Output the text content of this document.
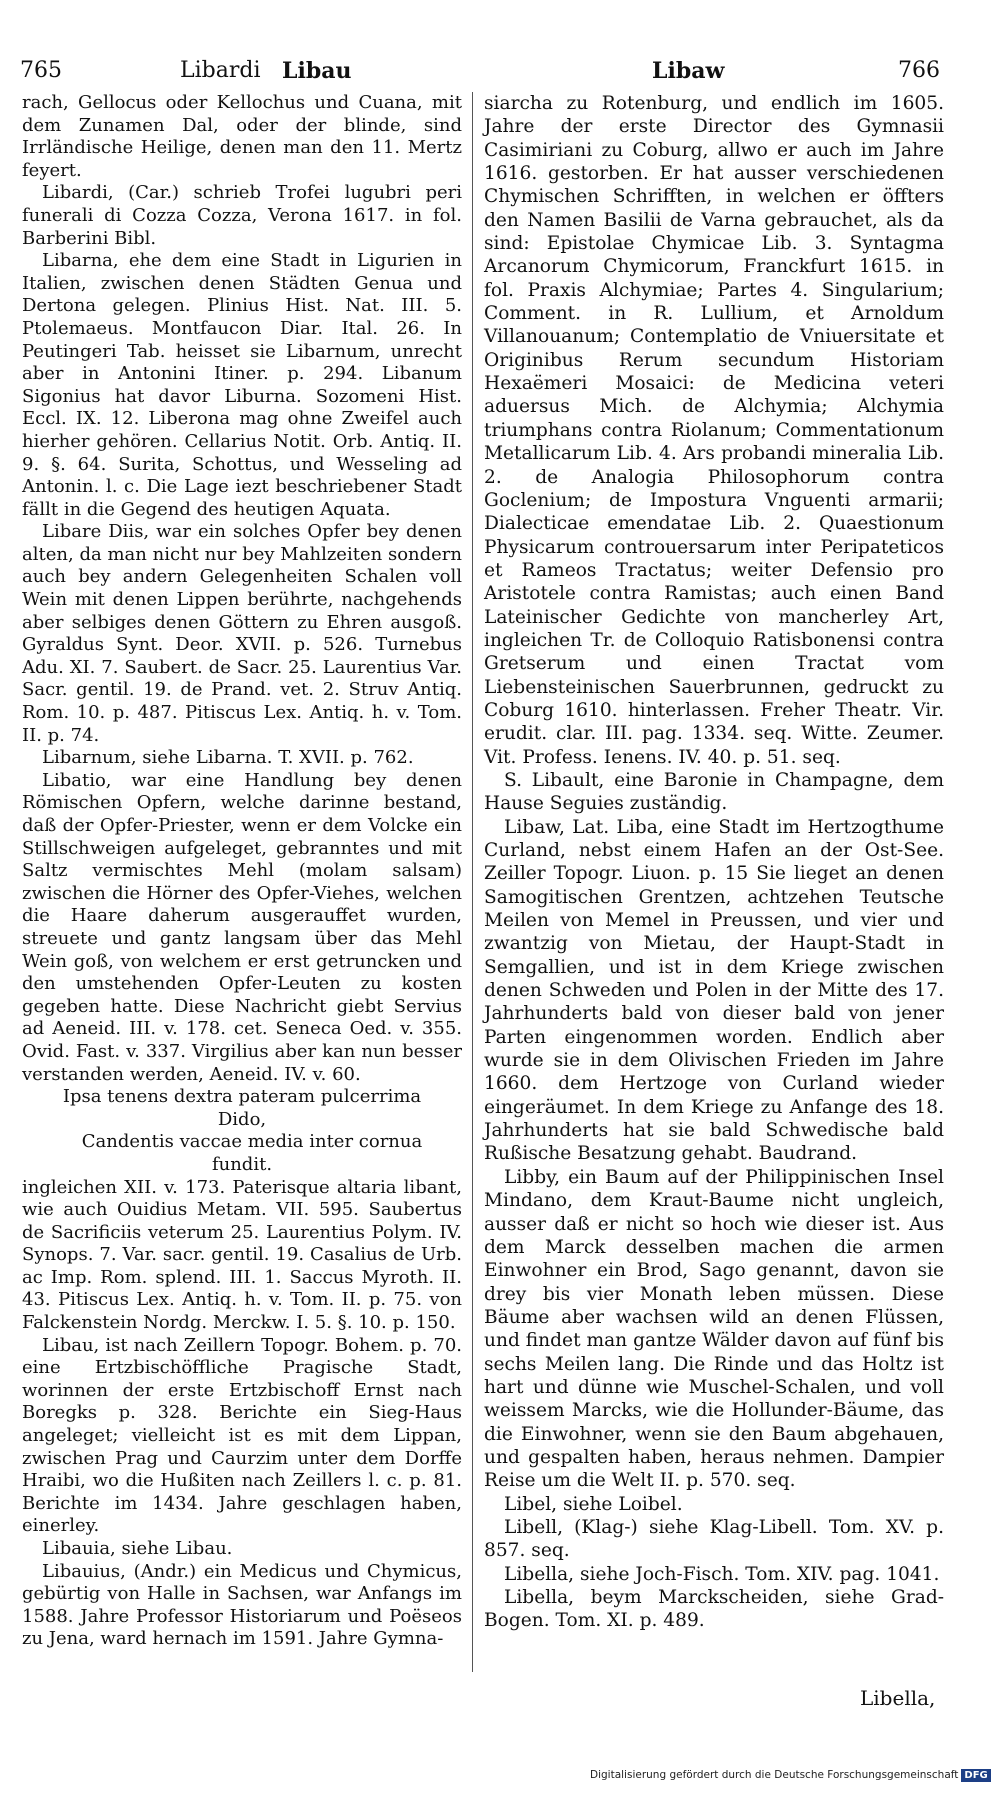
765	Libardi Libau	Libaw	766

rach, Gellocus oder Kellochus und Cuana, mit dem Zunamen Dal, oder der blinde, sind Irrländische Heilige, denen man den 11. Mertz feyert.

Libardi, (Car.) schrieb Trofei lugubri peri funerali di Cozza Cozza, Verona 1617. in fol. Barberini Bibl.

Libarna, ehe dem eine Stadt in Ligurien in Italien, zwischen denen Städten Genua und Dertona gelegen. Plinius Hist. Nat. III. 5. Ptolemaeus. Montfaucon Diar. Ital. 26. In Peutingeri Tab. heisset sie Libarnum, unrecht aber in Antonini Itiner. p. 294. Libanum Sigonius hat davor Liburna. Sozomeni Hist. Eccl. IX. 12. Liberona mag ohne Zweifel auch hierher gehören. Cellarius Notit. Orb. Antiq. II. 9. §. 64. Surita, Schottus, und Wesseling ad Antonin. l. c. Die Lage iezt beschriebener Stadt fällt in die Gegend des heutigen Aquata.

Libare Diis, war ein solches Opfer bey denen alten, da man nicht nur bey Mahlzeiten sondern auch bey andern Gelegenheiten Schalen voll Wein mit denen Lippen berührte, nachgehends aber selbiges denen Göttern zu Ehren ausgoß. Gyraldus Synt. Deor. XVII. p. 526. Turnebus Adu. XI. 7. Saubert. de Sacr. 25. Laurentius Var. Sacr. gentil. 19. de Prand. vet. 2. Struv Antiq. Rom. 10. p. 487. Pitiscus Lex. Antiq. h. v. Tom. II. p. 74.

Libarnum, siehe Libarna. T. XVII. p. 762.

Libatio, war eine Handlung bey denen Römischen Opfern, welche darinne bestand, daß der Opfer-Priester, wenn er dem Volcke ein Stillschweigen aufgeleget, gebranntes und mit Saltz vermischtes Mehl (molam salsam) zwischen die Hörner des Opfer-Viehes, welchen die Haare daherum ausgerauffet wurden, streuete und gantz langsam über das Mehl Wein goß, von welchem er erst getruncken und den umstehenden Opfer-Leuten zu kosten gegeben hatte. Diese Nachricht giebt Servius ad Aeneid. III. v. 178. cet. Seneca Oed. v. 355. Ovid. Fast. v. 337. Virgilius aber kan nun besser verstanden werden, Aeneid. IV. v. 60.

Ipsa tenens dextra pateram pulcerrima

Dido,

Candentis vaccae media inter cornua

fundit.

ingleichen XII. v. 173. Paterisque altaria libant, wie auch Ouidius Metam. VII. 595. Saubertus de Sacrificiis veterum 25. Laurentius Polym. IV. Synops. 7. Var. sacr. gentil. 19. Casalius de Urb. ac Imp. Rom. splend. III. 1. Saccus Myroth. II. 43. Pitiscus Lex. Antiq. h. v. Tom. II. p. 75. von Falckenstein Nordg. Merckw. I. 5. §. 10. p. 150.

Libau, ist nach Zeillern Topogr. Bohem. p. 70. eine Ertzbischöffliche Pragische Stadt, worinnen der erste Ertzbischoff Ernst nach Boregks p. 328. Berichte ein Sieg-Haus angeleget; vielleicht ist es mit dem Lippan, zwischen Prag und Caurzim unter dem Dorffe Hraibi, wo die Hußiten nach Zeillers l. c. p. 81. Berichte im 1434. Jahre geschlagen haben, einerley.

Libauia, siehe Libau.

Libauius, (Andr.) ein Medicus und Chymicus, gebürtig von Halle in Sachsen, war Anfangs im 1588. Jahre Professor Historiarum und Poëseos zu Jena, ward hernach im 1591. Jahre Gymna-

siarcha zu Rotenburg, und endlich im 1605. Jahre der erste Director des Gymnasii Casimiriani zu Coburg, allwo er auch im Jahre 1616. gestorben. Er hat ausser verschiedenen Chymischen Schrifften, in welchen er öffters den Namen Basilii de Varna gebrauchet, als da sind: Epistolae Chymicae Lib. 3. Syntagma Arcanorum Chymicorum, Franckfurt 1615. in fol. Praxis Alchymiae; Partes 4. Singularium; Comment. in R. Lullium, et Arnoldum Villanouanum; Contemplatio de Vniuersitate et Originibus Rerum secundum Historiam Hexaëmeri Mosaici: de Medicina veteri aduersus Mich. de Alchymia; Alchymia triumphans contra Riolanum; Commentationum Metallicarum Lib. 4. Ars probandi mineralia Lib. 2. de Analogia Philosophorum contra Goclenium; de Impostura Vnguenti armarii; Dialecticae emendatae Lib. 2. Quaestionum Physicarum controuersarum inter Peripateticos et Rameos Tractatus; weiter Defensio pro Aristotele contra Ramistas; auch einen Band Lateinischer Gedichte von mancherley Art, ingleichen Tr. de Colloquio Ratisbonensi contra Gretserum und einen Tractat vom Liebensteinischen Sauerbrunnen, gedruckt zu Coburg 1610. hinterlassen. Freher Theatr. Vir. erudit. clar. III. pag. 1334. seq. Witte. Zeumer. Vit. Profess. Ienens. IV. 40. p. 51. seq.

S. Libault, eine Baronie in Champagne, dem Hause Seguies zuständig.

Libaw, Lat. Liba, eine Stadt im Hertzogthume Curland, nebst einem Hafen an der Ost-See. Zeiller Topogr. Liuon. p. 15 Sie lieget an denen Samogitischen Grentzen, achtzehen Teutsche Meilen von Memel in Preussen, und vier und zwantzig von Mietau, der Haupt-Stadt in Semgallien, und ist in dem Kriege zwischen denen Schweden und Polen in der Mitte des 17. Jahrhunderts bald von dieser bald von jener Parten eingenommen worden. Endlich aber wurde sie in dem Olivischen Frieden im Jahre 1660. dem Hertzoge von Curland wieder eingeräumet. In dem Kriege zu Anfange des 18. Jahrhunderts hat sie bald Schwedische bald Rußische Besatzung gehabt. Baudrand.

Libby, ein Baum auf der Philippinischen Insel Mindano, dem Kraut-Baume nicht ungleich, ausser daß er nicht so hoch wie dieser ist. Aus dem Marck desselben machen die armen Einwohner ein Brod, Sago genannt, davon sie drey bis vier Monath leben müssen. Diese Bäume aber wachsen wild an denen Flüssen, und findet man gantze Wälder davon auf fünf bis sechs Meilen lang. Die Rinde und das Holtz ist hart und dünne wie Muschel-Schalen, und voll weissem Marcks, wie die Hollunder-Bäume, das die Einwohner, wenn sie den Baum abgehauen, und gespalten haben, heraus nehmen. Dampier Reise um die Welt II. p. 570. seq.

Libel, siehe Loibel.

Libell, (Klag-) siehe Klag-Libell. Tom. XV. p. 857. seq.

Libella, siehe Joch-Fisch. Tom. XIV. pag. 1041.

Libella, beym Marckscheiden, siehe Grad-Bogen. Tom. XI. p. 489.

Libella,
Digitalisierung gefördert durch die Deutsche Forschungsgemeinschaft DFG
